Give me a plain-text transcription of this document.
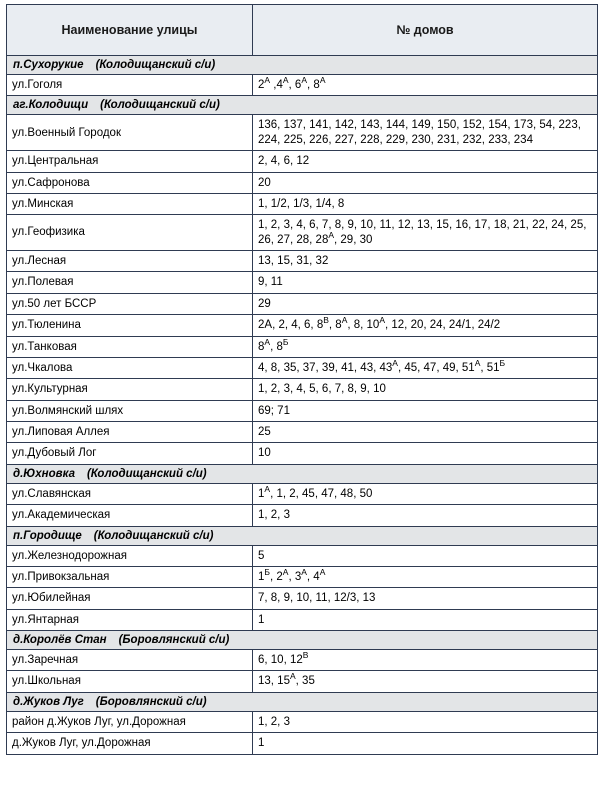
Наименование улицы	№ домов
п.Сухорукие (Колодищанский с/и)	
ул.Гоголя	$2^А$ $,4^А$, $6^А$, $8^А$
аг.Колодищи (Колодищанский с/и)	
ул.Военный Городок	136, 137, 141, 142, 143, 144, 149, 150, 152, 154, 173, 54, 223, 224, 225, 226, 227, 228, 229, 230, 231, 232, 233, 234
ул.Центральная	2, 4, 6, 12
ул.Сафронова	20
ул.Минская	1, 1/2, 1/3, 1/4, 8
ул.Геофизика	1, 2, 3, 4, 6, 7, 8, 9, 10, 11, 12, 13, 15, 16, 17, 18, 21, 22, 24, 25, 26, 27, 28, $28^А$, 29, 30
ул.Лесная	13, 15, 31, 32
ул.Полевая	9, 11
ул.50 лет БССР	29
ул.Тюленина	2А, 2, 4, 6, $8^В$, $8^А$, 8, $10^А$, 12, 20, 24, 24/1, 24/2
ул.Танковая	$8^А$, $8^Б$
ул.Чкалова	4, 8, 35, 37, 39, 41, 43, $43^А$, 45, 47, 49, $51^А$, $51^Б$
ул.Культурная	1, 2, 3, 4, 5, 6, 7, 8, 9, 10
ул.Волмянский шлях	69; 71
ул.Липовая Аллея	25
ул.Дубовый Лог	10
д.Юхновка (Колодищанский с/и)	
ул.Славянская	$1^А$, 1, 2, 45, 47, 48, 50
ул.Академическая	1, 2, 3
п.Городище (Колодищанский с/и)	
ул.Железнодорожная	5
ул.Привокзальная	$1^Б$, $2^А$, $3^А$, $4^А$
ул.Юбилейная	7, 8, 9, 10, 11, 12/3, 13
ул.Янтарная	1
д.Королёв Стан (Боровлянский с/и)	
ул.Заречная	6, 10, $12^В$
ул.Школьная	13, $15^А$, 35
д.Жуков Луг (Боровлянский с/и)	
район д.Жуков Луг, ул.Дорожная	1, 2, 3
д.Жуков Луг, ул.Дорожная	1
